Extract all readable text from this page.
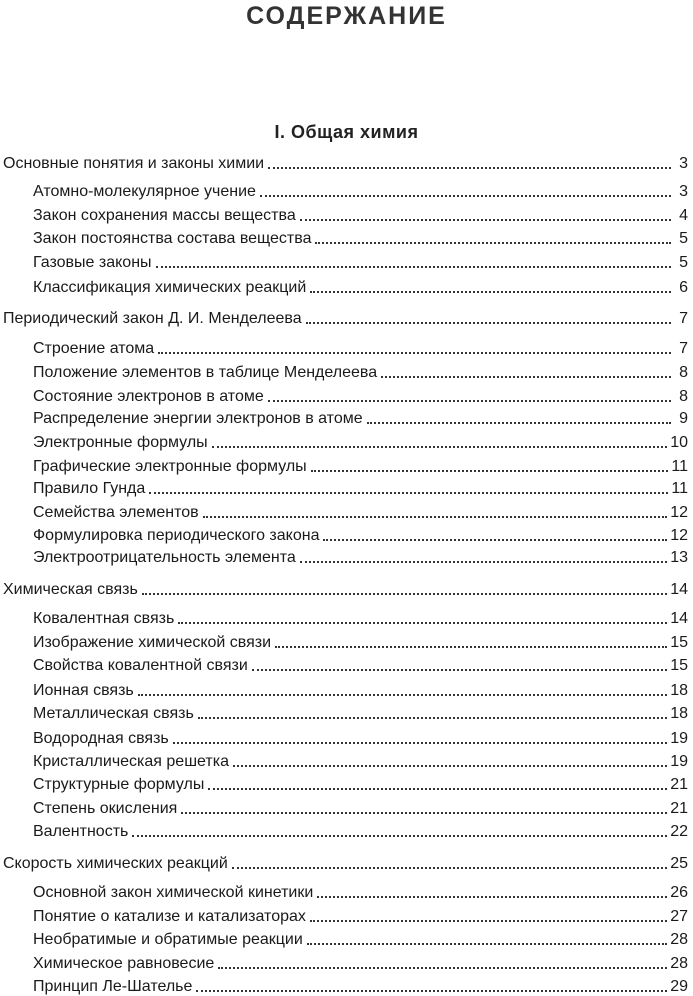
СОДЕРЖАНИЕ
I. Общая химия
Основные понятия и законы химии	3
Атомно-молекулярное учение	3
Закон сохранения массы вещества	4
Закон постоянства состава вещества	5
Газовые законы	5
Классификация химических реакций	6
Периодический закон Д. И. Менделеева	7
Строение атома	7
Положение элементов в таблице Менделеева	8
Состояние электронов в атоме	8
Распределение энергии электронов в атоме	9
Электронные формулы	10
Графические электронные формулы	11
Правило Гунда	11
Семейства элементов	12
Формулировка периодического закона	12
Электроотрицательность элемента	13
Химическая связь	14
Ковалентная связь	14
Изображение химической связи	15
Свойства ковалентной связи	15
Ионная связь	18
Металлическая связь	18
Водородная связь	19
Кристаллическая решетка	19
Структурные формулы	21
Степень окисления	21
Валентность	22
Скорость химических реакций	25
Основной закон химической кинетики	26
Понятие о катализе и катализаторах	27
Необратимые и обратимые реакции	28
Химическое равновесие	28
Принцип Ле-Шателье	29
